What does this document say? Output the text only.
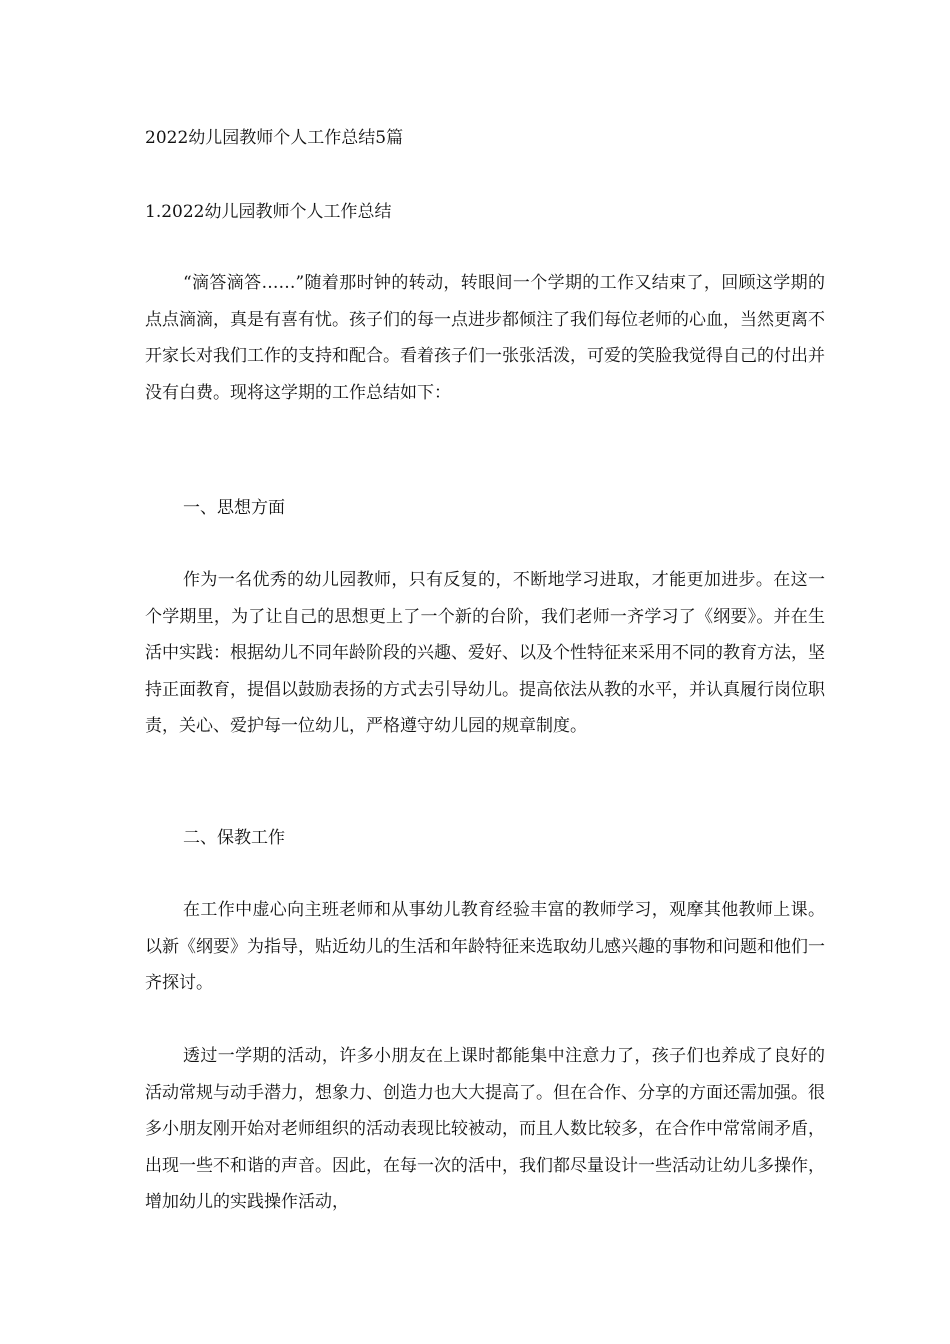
2022幼儿园教师个人工作总结5篇
1.2022幼儿园教师个人工作总结

“滴答滴答……”随着那时钟的转动，转眼间一个学期的工作又结束了，回顾这学期的点点滴滴，真是有喜有忧。孩子们的每一点进步都倾注了我们每位老师的心血，当然更离不开家长对我们工作的支持和配合。看着孩子们一张张活泼，可爱的笑脸我觉得自己的付出并没有白费。现将这学期的工作总结如下：

一、思想方面

作为一名优秀的幼儿园教师，只有反复的，不断地学习进取，才能更加进步。在这一个学期里，为了让自己的思想更上了一个新的台阶，我们老师一齐学习了《纲要》。并在生活中实践：根据幼儿不同年龄阶段的兴趣、爱好、以及个性特征来采用不同的教育方法，坚持正面教育，提倡以鼓励表扬的方式去引导幼儿。提高依法从教的水平，并认真履行岗位职责，关心、爱护每一位幼儿，严格遵守幼儿园的规章制度。

二、保教工作

在工作中虚心向主班老师和从事幼儿教育经验丰富的教师学习，观摩其他教师上课。以新《纲要》为指导，贴近幼儿的生活和年龄特征来选取幼儿感兴趣的事物和问题和他们一齐探讨。

透过一学期的活动，许多小朋友在上课时都能集中注意力了，孩子们也养成了良好的活动常规与动手潜力，想象力、创造力也大大提高了。但在合作、分享的方面还需加强。很多小朋友刚开始对老师组织的活动表现比较被动，而且人数比较多，在合作中常常闹矛盾，出现一些不和谐的声音。因此，在每一次的活中，我们都尽量设计一些活动让幼儿多操作，增加幼儿的实践操作活动，
